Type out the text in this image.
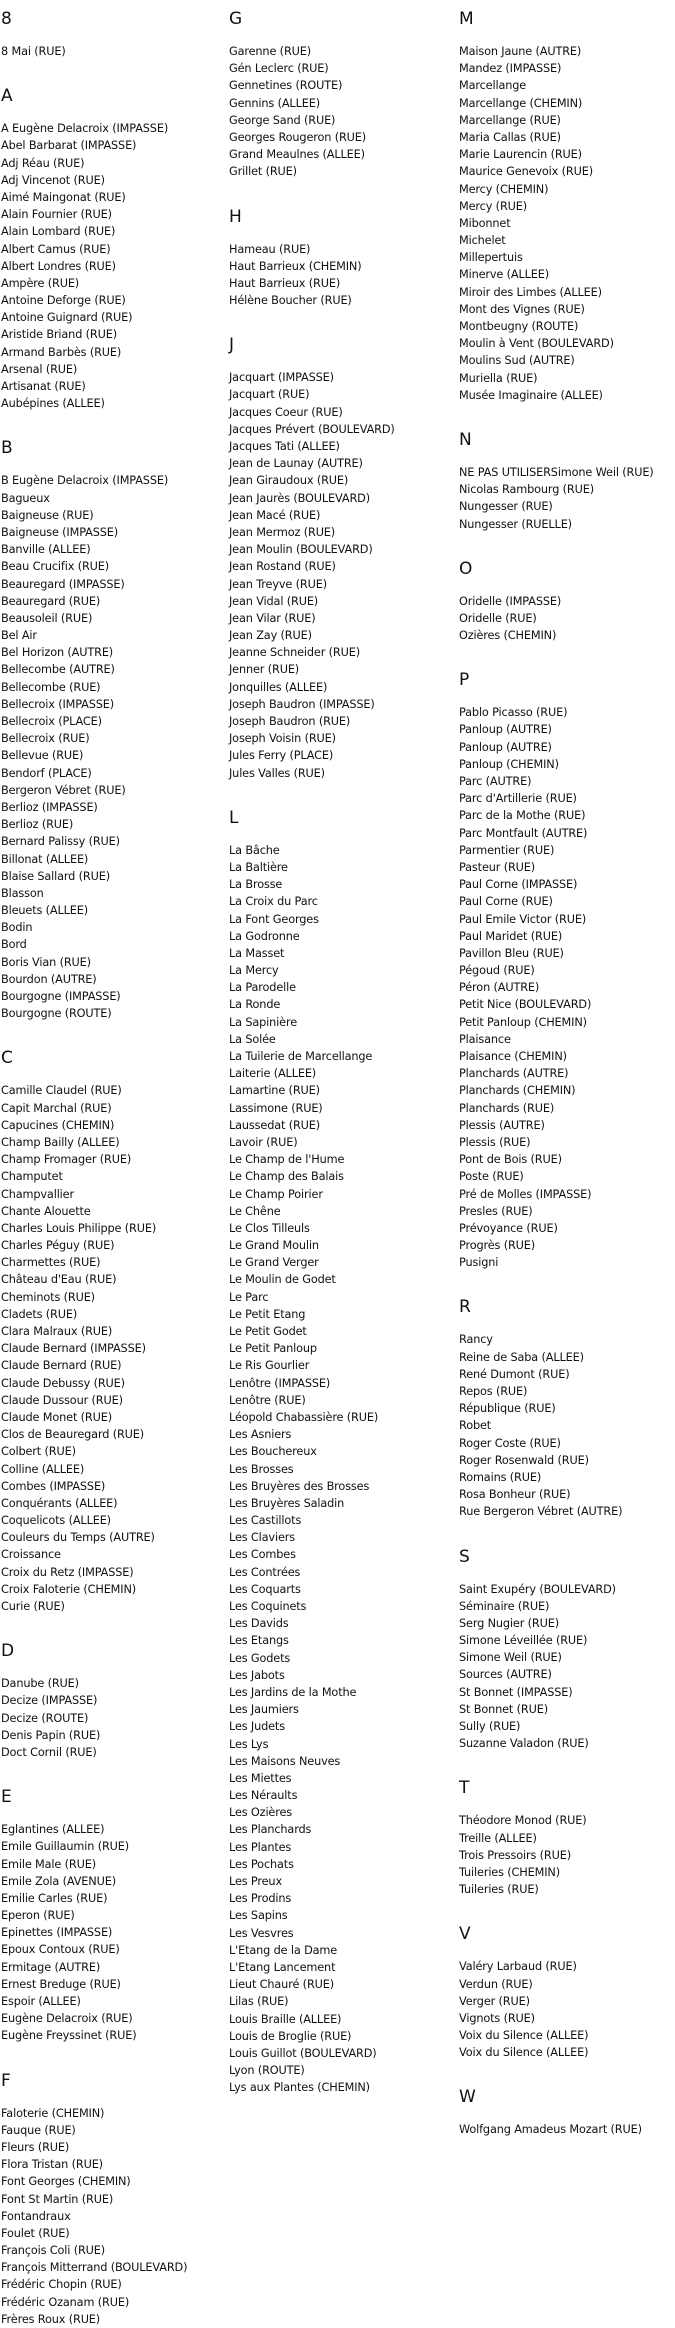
8
8 Mai (RUE)
A
A Eugène Delacroix (IMPASSE)
Abel Barbarat (IMPASSE)
Adj Réau (RUE)
Adj Vincenot (RUE)
Aimé Maingonat (RUE)
Alain Fournier (RUE)
Alain Lombard (RUE)
Albert Camus (RUE)
Albert Londres (RUE)
Ampère (RUE)
Antoine Deforge (RUE)
Antoine Guignard (RUE)
Aristide Briand (RUE)
Armand Barbès (RUE)
Arsenal (RUE)
Artisanat (RUE)
Aubépines (ALLEE)
B
B Eugène Delacroix (IMPASSE)
Bagueux
Baigneuse (RUE)
Baigneuse (IMPASSE)
Banville (ALLEE)
Beau Crucifix (RUE)
Beauregard (IMPASSE)
Beauregard (RUE)
Beausoleil (RUE)
Bel Air
Bel Horizon (AUTRE)
Bellecombe (AUTRE)
Bellecombe (RUE)
Bellecroix (IMPASSE)
Bellecroix (PLACE)
Bellecroix (RUE)
Bellevue (RUE)
Bendorf (PLACE)
Bergeron Vébret (RUE)
Berlioz (IMPASSE)
Berlioz (RUE)
Bernard Palissy (RUE)
Billonat (ALLEE)
Blaise Sallard (RUE)
Blasson
Bleuets (ALLEE)
Bodin
Bord
Boris Vian (RUE)
Bourdon (AUTRE)
Bourgogne (IMPASSE)
Bourgogne (ROUTE)
C
Camille Claudel (RUE)
Capit Marchal (RUE)
Capucines (CHEMIN)
Champ Bailly (ALLEE)
Champ Fromager (RUE)
Champutet
Champvallier
Chante Alouette
Charles Louis Philippe (RUE)
Charles Péguy (RUE)
Charmettes (RUE)
Château d'Eau (RUE)
Cheminots (RUE)
Cladets (RUE)
Clara Malraux (RUE)
Claude Bernard (IMPASSE)
Claude Bernard (RUE)
Claude Debussy (RUE)
Claude Dussour (RUE)
Claude Monet (RUE)
Clos de Beauregard (RUE)
Colbert (RUE)
Colline (ALLEE)
Combes (IMPASSE)
Conquérants (ALLEE)
Coquelicots (ALLEE)
Couleurs du Temps (AUTRE)
Croissance
Croix du Retz (IMPASSE)
Croix Faloterie (CHEMIN)
Curie (RUE)
D
Danube (RUE)
Decize (IMPASSE)
Decize (ROUTE)
Denis Papin (RUE)
Doct Cornil (RUE)
E
Eglantines (ALLEE)
Emile Guillaumin (RUE)
Emile Male (RUE)
Emile Zola (AVENUE)
Emilie Carles (RUE)
Eperon (RUE)
Epinettes (IMPASSE)
Epoux Contoux (RUE)
Ermitage (AUTRE)
Ernest Breduge (RUE)
Espoir (ALLEE)
Eugène Delacroix (RUE)
Eugène Freyssinet (RUE)
F
Faloterie (CHEMIN)
Fauque (RUE)
Fleurs (RUE)
Flora Tristan (RUE)
Font Georges (CHEMIN)
Font St Martin (RUE)
Fontandraux
Foulet (RUE)
François Coli (RUE)
François Mitterrand (BOULEVARD)
Frédéric Chopin (RUE)
Frédéric Ozanam (RUE)
Frères Roux (RUE)
G
Garenne (RUE)
Gén Leclerc (RUE)
Gennetines (ROUTE)
Gennins (ALLEE)
George Sand (RUE)
Georges Rougeron (RUE)
Grand Meaulnes (ALLEE)
Grillet (RUE)
H
Hameau (RUE)
Haut Barrieux (CHEMIN)
Haut Barrieux (RUE)
Hélène Boucher (RUE)
J
Jacquart (IMPASSE)
Jacquart (RUE)
Jacques Coeur (RUE)
Jacques Prévert (BOULEVARD)
Jacques Tati (ALLEE)
Jean de Launay (AUTRE)
Jean Giraudoux (RUE)
Jean Jaurès (BOULEVARD)
Jean Macé (RUE)
Jean Mermoz (RUE)
Jean Moulin (BOULEVARD)
Jean Rostand (RUE)
Jean Treyve (RUE)
Jean Vidal (RUE)
Jean Vilar (RUE)
Jean Zay (RUE)
Jeanne Schneider (RUE)
Jenner (RUE)
Jonquilles (ALLEE)
Joseph Baudron (IMPASSE)
Joseph Baudron (RUE)
Joseph Voisin (RUE)
Jules Ferry (PLACE)
Jules Valles (RUE)
L
La Bâche
La Baltière
La Brosse
La Croix du Parc
La Font Georges
La Godronne
La Masset
La Mercy
La Parodelle
La Ronde
La Sapinière
La Solée
La Tuilerie de Marcellange
Laiterie (ALLEE)
Lamartine (RUE)
Lassimone (RUE)
Laussedat (RUE)
Lavoir (RUE)
Le Champ de l'Hume
Le Champ des Balais
Le Champ Poirier
Le Chêne
Le Clos Tilleuls
Le Grand Moulin
Le Grand Verger
Le Moulin de Godet
Le Parc
Le Petit Etang
Le Petit Godet
Le Petit Panloup
Le Ris Gourlier
Lenôtre (IMPASSE)
Lenôtre (RUE)
Léopold Chabassière (RUE)
Les Asniers
Les Bouchereux
Les Brosses
Les Bruyères des Brosses
Les Bruyères Saladin
Les Castillots
Les Claviers
Les Combes
Les Contrées
Les Coquarts
Les Coquinets
Les Davids
Les Etangs
Les Godets
Les Jabots
Les Jardins de la Mothe
Les Jaumiers
Les Judets
Les Lys
Les Maisons Neuves
Les Miettes
Les Néraults
Les Ozières
Les Planchards
Les Plantes
Les Pochats
Les Preux
Les Prodins
Les Sapins
Les Vesvres
L'Etang de la Dame
L'Etang Lancement
Lieut Chauré (RUE)
Lilas (RUE)
Louis Braille (ALLEE)
Louis de Broglie (RUE)
Louis Guillot (BOULEVARD)
Lyon (ROUTE)
Lys aux Plantes (CHEMIN)
M
Maison Jaune (AUTRE)
Mandez (IMPASSE)
Marcellange
Marcellange (CHEMIN)
Marcellange (RUE)
Maria Callas (RUE)
Marie Laurencin (RUE)
Maurice Genevoix (RUE)
Mercy (CHEMIN)
Mercy (RUE)
Mibonnet
Michelet
Millepertuis
Minerve (ALLEE)
Miroir des Limbes (ALLEE)
Mont des Vignes (RUE)
Montbeugny (ROUTE)
Moulin à Vent (BOULEVARD)
Moulins Sud (AUTRE)
Muriella (RUE)
Musée Imaginaire (ALLEE)
N
NE PAS UTILISERSimone Weil (RUE)
Nicolas Rambourg (RUE)
Nungesser (RUE)
Nungesser (RUELLE)
O
Oridelle (IMPASSE)
Oridelle (RUE)
Ozières (CHEMIN)
P
Pablo Picasso (RUE)
Panloup (AUTRE)
Panloup (AUTRE)
Panloup (CHEMIN)
Parc (AUTRE)
Parc d'Artillerie (RUE)
Parc de la Mothe (RUE)
Parc Montfault (AUTRE)
Parmentier (RUE)
Pasteur (RUE)
Paul Corne (IMPASSE)
Paul Corne (RUE)
Paul Emile Victor (RUE)
Paul Maridet (RUE)
Pavillon Bleu (RUE)
Pégoud (RUE)
Péron (AUTRE)
Petit Nice (BOULEVARD)
Petit Panloup (CHEMIN)
Plaisance
Plaisance (CHEMIN)
Planchards (AUTRE)
Planchards (CHEMIN)
Planchards (RUE)
Plessis (AUTRE)
Plessis (RUE)
Pont de Bois (RUE)
Poste (RUE)
Pré de Molles (IMPASSE)
Presles (RUE)
Prévoyance (RUE)
Progrès (RUE)
Pusigni
R
Rancy
Reine de Saba (ALLEE)
René Dumont (RUE)
Repos (RUE)
République (RUE)
Robet
Roger Coste (RUE)
Roger Rosenwald (RUE)
Romains (RUE)
Rosa Bonheur (RUE)
Rue Bergeron Vébret (AUTRE)
S
Saint Exupéry (BOULEVARD)
Séminaire (RUE)
Serg Nugier (RUE)
Simone Léveillée (RUE)
Simone Weil (RUE)
Sources (AUTRE)
St Bonnet (IMPASSE)
St Bonnet (RUE)
Sully (RUE)
Suzanne Valadon (RUE)
T
Théodore Monod (RUE)
Treille (ALLEE)
Trois Pressoirs (RUE)
Tuileries (CHEMIN)
Tuileries (RUE)
V
Valéry Larbaud (RUE)
Verdun (RUE)
Verger (RUE)
Vignots (RUE)
Voix du Silence (ALLEE)
Voix du Silence (ALLEE)
W
Wolfgang Amadeus Mozart (RUE)
